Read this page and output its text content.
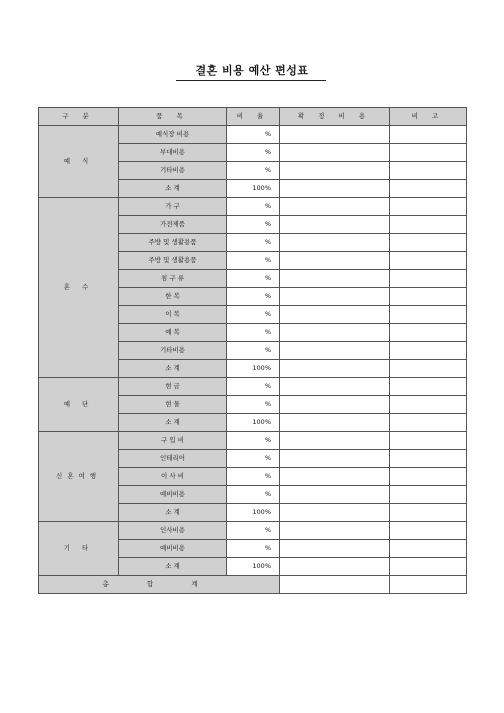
결혼 비용 예산 편성표
구 분	품 목	비 율	확 정 비 용	비 고
예 식	예식장 비용	%		
	부대비용	%		
	기타비용	%		
	소 계	100%		
혼 수	가 구	%		
	가전제품	%		
	주방 및 생활용품	%		
	주방 및 생활용품	%		
	침 구 류	%		
	한 복	%		
	이 복	%		
	예 복	%		
	기타비용	%		
	소 계	100%		
예 단	현 금	%		
	현 물	%		
	소 계	100%		
신혼여행	구 입 비	%		
	인테리어	%		
	이 사 비	%		
	예비비용	%		
	소 계	100%		
기 타	인사비용	%		
	예비비용	%		
	소 계	100%		
총 합 계				
